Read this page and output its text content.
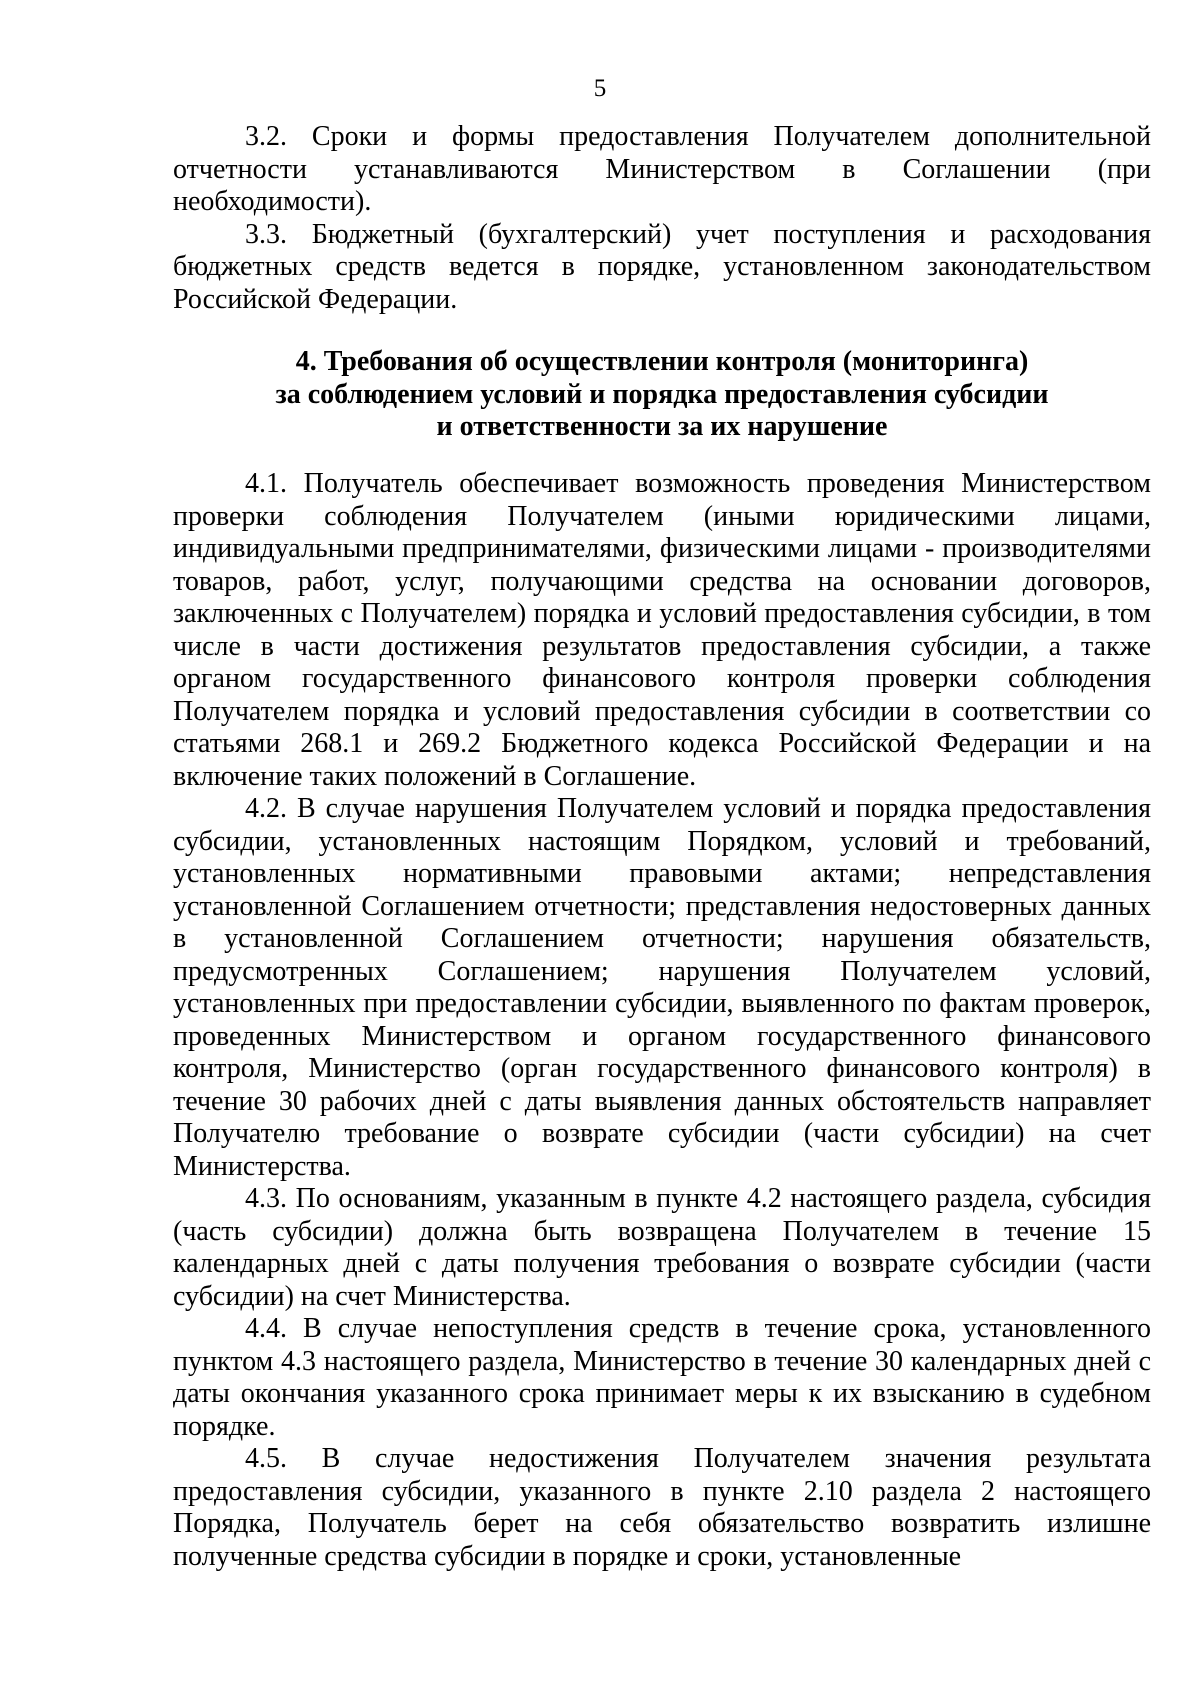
5

3.2. Сроки и формы предоставления Получателем дополнительной отчетности устанавливаются Министерством в Соглашении (при необходимости).

3.3. Бюджетный (бухгалтерский) учет поступления и расходования бюджетных средств ведется в порядке, установленном законодательством Российской Федерации.

4. Требования об осуществлении контроля (мониторинга)
за соблюдением условий и порядка предоставления субсидии
и ответственности за их нарушение

4.1. Получатель обеспечивает возможность проведения Министерством проверки соблюдения Получателем (иными юридическими лицами, индивидуальными предпринимателями, физическими лицами - производителями товаров, работ, услуг, получающими средства на основании договоров, заключенных с Получателем) порядка и условий предоставления субсидии, в том числе в части достижения результатов предоставления субсидии, а также органом государственного финансового контроля проверки соблюдения Получателем порядка и условий предоставления субсидии в соответствии со статьями 268.1 и 269.2 Бюджетного кодекса Российской Федерации и на включение таких положений в Соглашение.

4.2. В случае нарушения Получателем условий и порядка предоставления субсидии, установленных настоящим Порядком, условий и требований, установленных нормативными правовыми актами; непредставления установленной Соглашением отчетности; представления недостоверных данных в установленной Соглашением отчетности; нарушения обязательств, предусмотренных Соглашением; нарушения Получателем условий, установленных при предоставлении субсидии, выявленного по фактам проверок, проведенных Министерством и органом государственного финансового контроля, Министерство (орган государственного финансового контроля) в течение 30 рабочих дней с даты выявления данных обстоятельств направляет Получателю требование о возврате субсидии (части субсидии) на счет Министерства.

4.3. По основаниям, указанным в пункте 4.2 настоящего раздела, субсидия (часть субсидии) должна быть возвращена Получателем в течение 15 календарных дней с даты получения требования о возврате субсидии (части субсидии) на счет Министерства.

4.4. В случае непоступления средств в течение срока, установленного пунктом 4.3 настоящего раздела, Министерство в течение 30 календарных дней с даты окончания указанного срока принимает меры к их взысканию в судебном порядке.

4.5. В случае недостижения Получателем значения результата предоставления субсидии, указанного в пункте 2.10 раздела 2 настоящего Порядка, Получатель берет на себя обязательство возвратить излишне полученные средства субсидии в порядке и сроки, установленные
